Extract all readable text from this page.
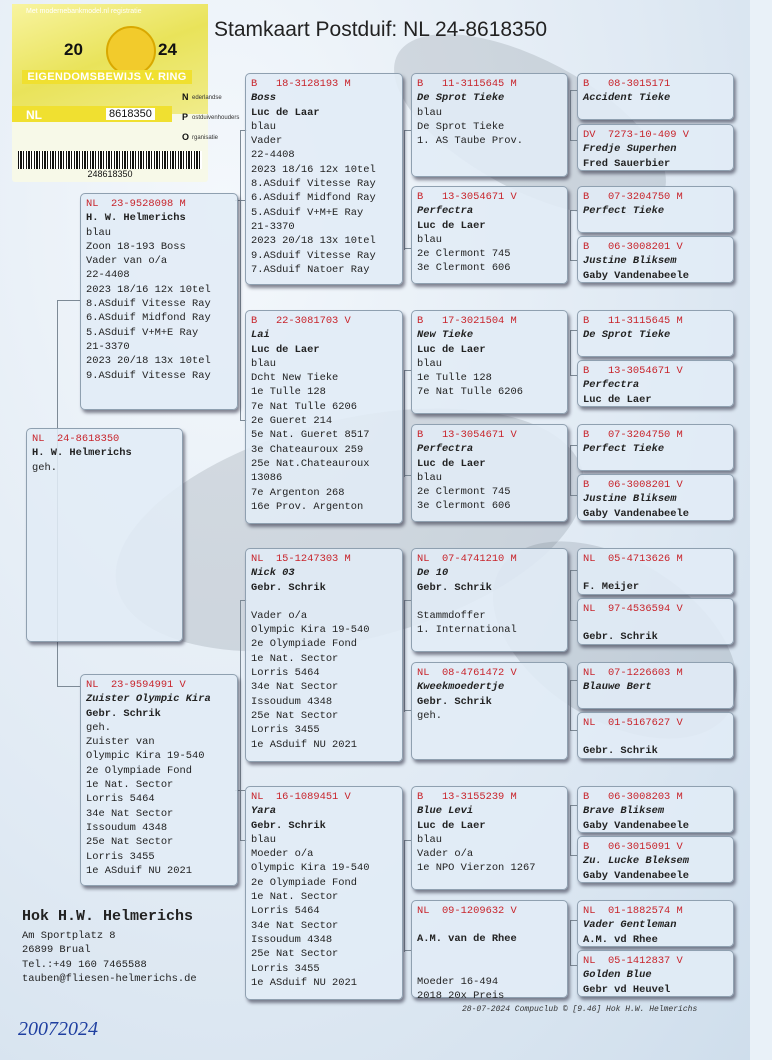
Met modernebankmodel.nl registratie
20	24
EIGENDOMSBEWIJS V. RING
NL	8618350
N ederlandse
P ostduivenhouders
O rganisatie
248618350
Stamkaart Postduif: NL 24-8618350
NL  24-8618350
H. W. Helmerichs
geh.
NL  23-9528098 M
H. W. Helmerichs
blau
Zoon 18-193 Boss
Vader van o/a
22-4408
2023 18/16 12x 10tel
8.ASduif Vitesse Ray
6.ASduif Midfond Ray
5.ASduif V+M+E Ray
21-3370
2023 20/18 13x 10tel
9.ASduif Vitesse Ray
NL  23-9594991 V
Zuister Olympic Kira
Gebr. Schrik
geh.
Zuister van
Olympic Kira 19-540
2e Olympiade Fond
1e Nat. Sector
Lorris 5464
34e Nat Sector
Issoudum 4348
25e Nat Sector
Lorris 3455
1e ASduif NU 2021
B   18-3128193 M
Boss
Luc de Laar
blau
Vader
22-4408
2023 18/16 12x 10tel
8.ASduif Vitesse Ray
6.ASduif Midfond Ray
5.ASduif V+M+E Ray
21-3370
2023 20/18 13x 10tel
9.ASduif Vitesse Ray
7.ASduif Natoer Ray
B   22-3081703 V
Lai
Luc de Laer
blau
Dcht New Tieke
1e Tulle 128
7e Nat Tulle 6206
2e Gueret 214
5e Nat. Gueret 8517
3e Chateauroux 259
25e Nat.Chateauroux
13086
7e Argenton 268
16e Prov. Argenton
NL  15-1247303 M
Nick 03
Gebr. Schrik
Vader o/a
Olympic Kira 19-540
2e Olympiade Fond
1e Nat. Sector
Lorris 5464
34e Nat Sector
Issoudum 4348
25e Nat Sector
Lorris 3455
1e ASduif NU 2021
NL  16-1089451 V
Yara
Gebr. Schrik
blau
Moeder o/a
Olympic Kira 19-540
2e Olympiade Fond
1e Nat. Sector
Lorris 5464
34e Nat Sector
Issoudum 4348
25e Nat Sector
Lorris 3455
1e ASduif NU 2021
B   11-3115645 M
De Sprot Tieke
blau
De Sprot Tieke
1. AS Taube Prov.
B   13-3054671 V
Perfectra
Luc de Laer
blau
2e Clermont 745
3e Clermont 606
B   17-3021504 M
New Tieke
Luc de Laer
blau
1e Tulle 128
7e Nat Tulle 6206
B   13-3054671 V
Perfectra
Luc de Laer
blau
2e Clermont 745
3e Clermont 606
NL  07-4741210 M
De 10
Gebr. Schrik
Stammdoffer
1. International
NL  08-4761472 V
Kweekmoedertje
Gebr. Schrik
geh.
B   13-3155239 M
Blue Levi
Luc de Laer
blau
Vader o/a
1e NPO Vierzon 1267
NL  09-1209632 V
A.M. van de Rhee
Moeder 16-494
2018 20x Preis
B   08-3015171
Accident Tieke
DV  7273-10-409 V
Fredje Superhen
Fred Sauerbier
B   07-3204750 M
Perfect Tieke
B   06-3008201 V
Justine Bliksem
Gaby Vandenabeele
B   11-3115645 M
De Sprot Tieke
B   13-3054671 V
Perfectra
Luc de Laer
B   07-3204750 M
Perfect Tieke
B   06-3008201 V
Justine Bliksem
Gaby Vandenabeele
NL  05-4713626 M
F. Meijer
NL  97-4536594 V
Gebr. Schrik
NL  07-1226603 M
Blauwe Bert
NL  01-5167627 V
Gebr. Schrik
B   06-3008203 M
Brave Bliksem
Gaby Vandenabeele
B   06-3015091 V
Zu. Lucke Bleksem
Gaby Vandenabeele
NL  01-1882574 M
Vader Gentleman
A.M. vd Rhee
NL  05-1412837 V
Golden Blue
Gebr vd Heuvel
Hok H.W. Helmerichs
Am Sportplatz 8
26899 Brual
Tel.:+49 160 7465588
tauben@fliesen-helmerichs.de
28-07-2024 Compuclub © [9.46] Hok H.W. Helmerichs
20072024
